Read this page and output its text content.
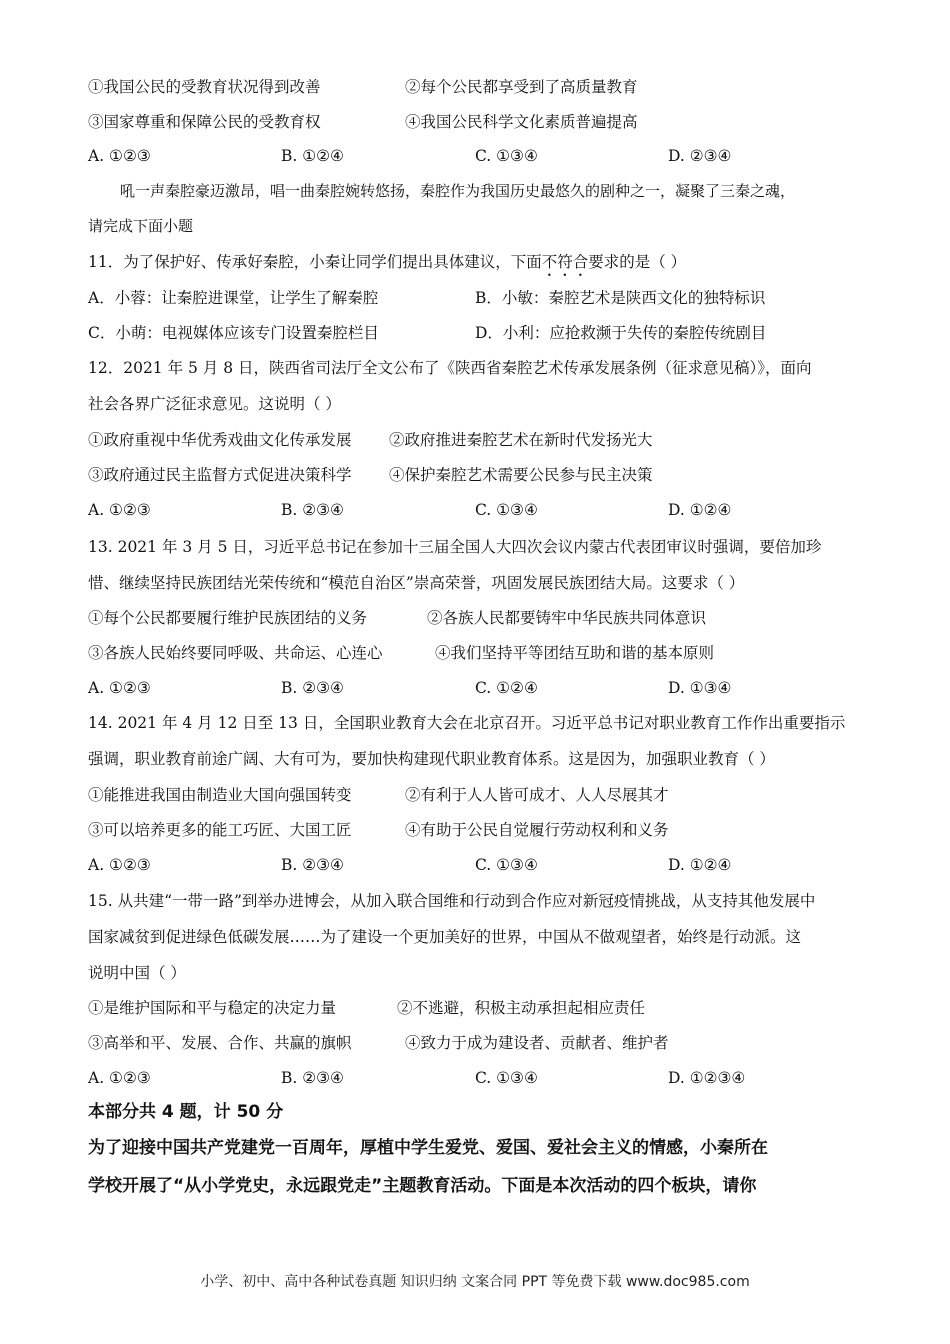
①我国公民的受教育状况得到改善	②每个公民都享受到了高质量教育
③国家尊重和保障公民的受教育权	④我国公民科学文化素质普遍提高
A. ①②③	B. ①②④	C. ①③④	D. ②③④
吼一声秦腔豪迈激昂，唱一曲秦腔婉转悠扬，秦腔作为我国历史最悠久的剧种之一，凝聚了三秦之魂，
请完成下面小题
11．为了保护好、传承好秦腔，小秦让同学们提出具体建议，下面不符合要求的是（ ）
A．小蓉：让秦腔进课堂，让学生了解秦腔	B．小敏：秦腔艺术是陕西文化的独特标识
C．小萌：电视媒体应该专门设置秦腔栏目	D．小利：应抢救濒于失传的秦腔传统剧目
12．2021 年 5 月 8 日，陕西省司法厅全文公布了《陕西省秦腔艺术传承发展条例（征求意见稿）》，面向
社会各界广泛征求意见。这说明（ ）
①政府重视中华优秀戏曲文化传承发展 ②政府推进秦腔艺术在新时代发扬光大
③政府通过民主监督方式促进决策科学 ④保护秦腔艺术需要公民参与民主决策
A. ①②③	B. ②③④	C. ①③④	D. ①②④
13. 2021 年 3 月 5 日，习近平总书记在参加十三届全国人大四次会议内蒙古代表团审议时强调，要倍加珍
惜、继续坚持民族团结光荣传统和“模范自治区”崇高荣誉，巩固发展民族团结大局。这要求（ ）
①每个公民都要履行维护民族团结的义务	②各族人民都要铸牢中华民族共同体意识
③各族人民始终要同呼吸、共命运、心连心	④我们坚持平等团结互助和谐的基本原则
A. ①②③	B. ②③④	C. ①②④	D. ①③④
14. 2021 年 4 月 12 日至 13 日，全国职业教育大会在北京召开。习近平总书记对职业教育工作作出重要指示
强调，职业教育前途广阔、大有可为，要加快构建现代职业教育体系。这是因为，加强职业教育（ ）
①能推进我国由制造业大国向强国转变	②有利于人人皆可成才、人人尽展其才
③可以培养更多的能工巧匠、大国工匠	④有助于公民自觉履行劳动权利和义务
A. ①②③	B. ②③④	C. ①③④	D. ①②④
15. 从共建“一带一路”到举办进博会，从加入联合国维和行动到合作应对新冠疫情挑战，从支持其他发展中
国家减贫到促进绿色低碳发展……为了建设一个更加美好的世界，中国从不做观望者，始终是行动派。这
说明中国（ ）
①是维护国际和平与稳定的决定力量	②不逃避，积极主动承担起相应责任
③高举和平、发展、合作、共赢的旗帜	④致力于成为建设者、贡献者、维护者
A. ①②③	B. ②③④	C. ①③④	D. ①②③④
本部分共 4 题，计 50 分
为了迎接中国共产党建党一百周年，厚植中学生爱党、爱国、爱社会主义的情感，小秦所在
学校开展了“从小学党史，永远跟党走”主题教育活动。下面是本次活动的四个板块，请你
小学、初中、高中各种试卷真题 知识归纳 文案合同 PPT 等免费下载 www.doc985.com
